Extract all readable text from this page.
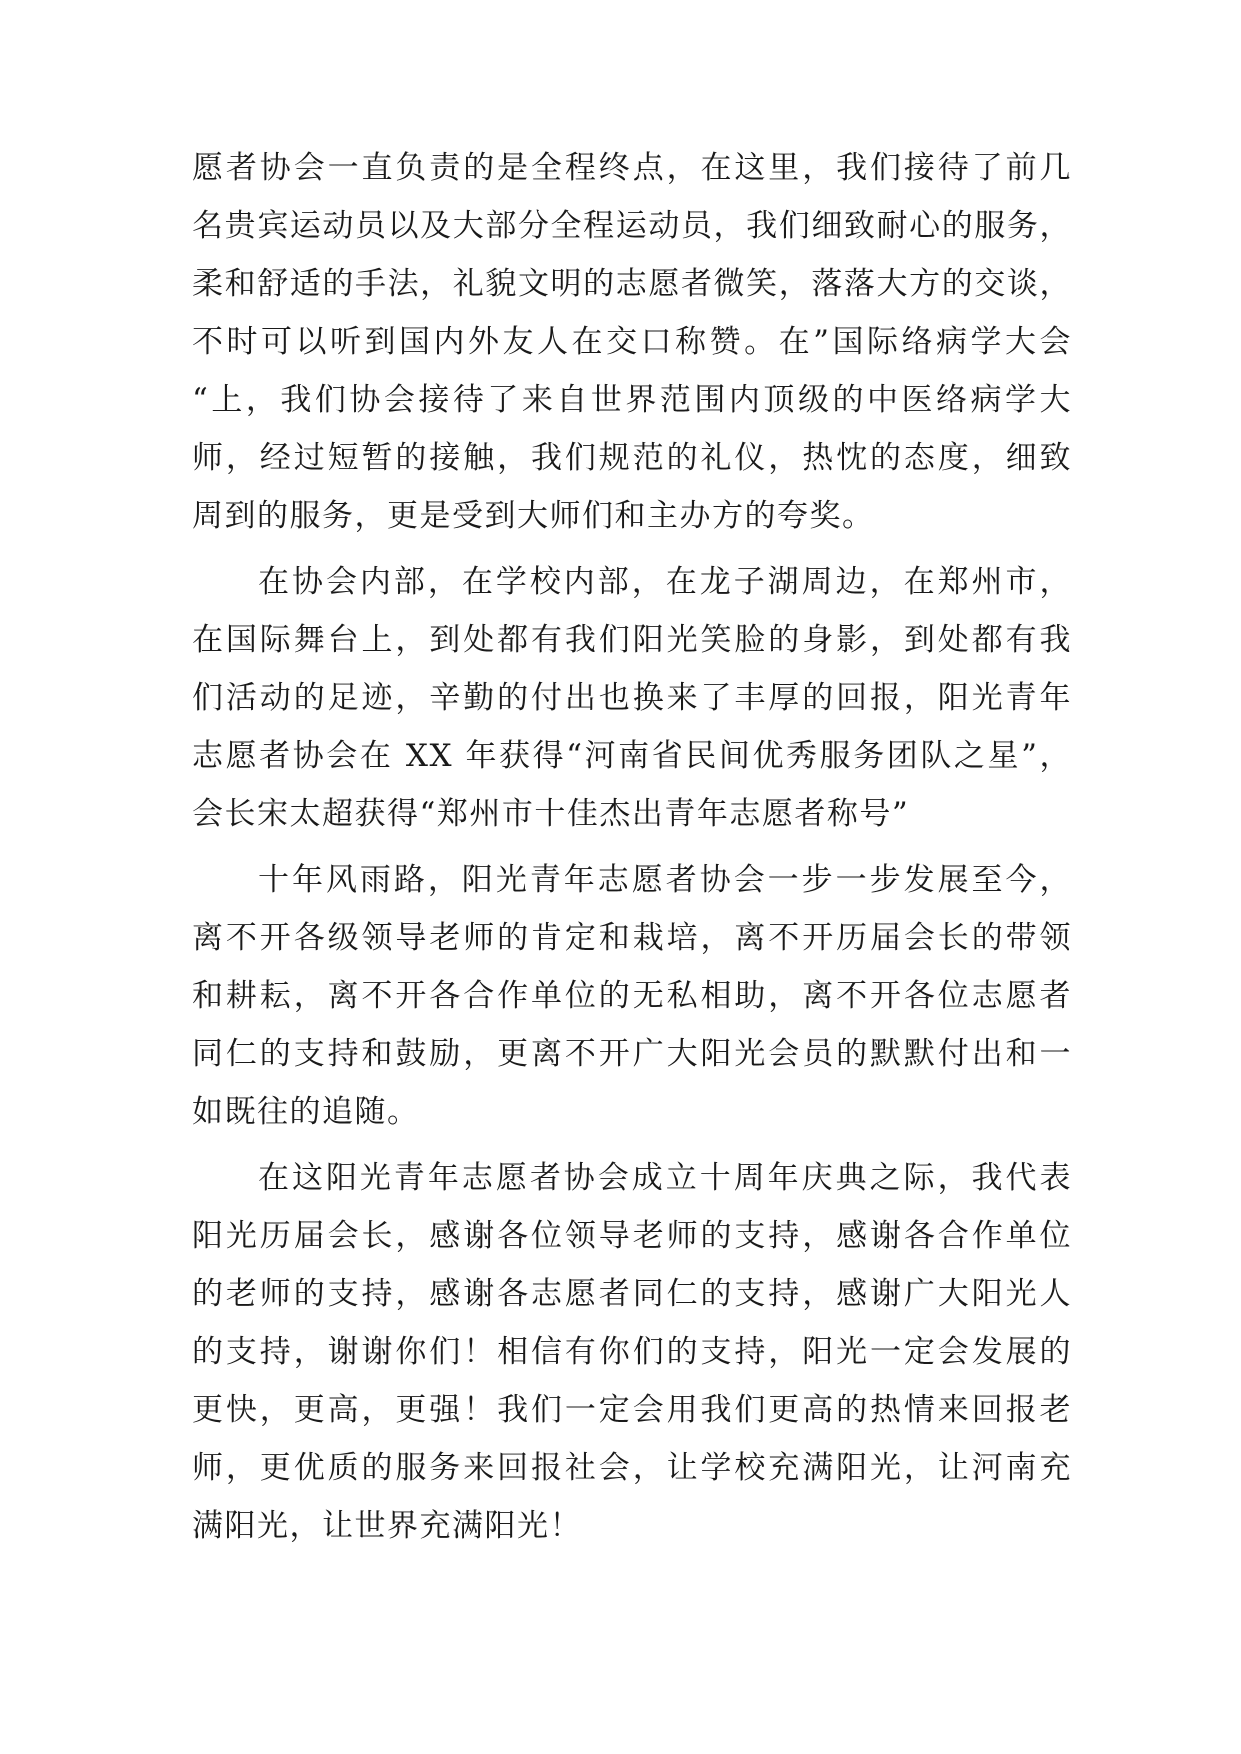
愿者协会一直负责的是全程终点，在这里，我们接待了前几
名贵宾运动员以及大部分全程运动员，我们细致耐心的服务，
柔和舒适的手法，礼貌文明的志愿者微笑，落落大方的交谈，
不时可以听到国内外友人在交口称赞。在”国际络病学大会
“上，我们协会接待了来自世界范围内顶级的中医络病学大
师，经过短暂的接触，我们规范的礼仪，热忱的态度，细致
周到的服务，更是受到大师们和主办方的夸奖。
在协会内部，在学校内部，在龙子湖周边，在郑州市，
在国际舞台上，到处都有我们阳光笑脸的身影，到处都有我
们活动的足迹，辛勤的付出也换来了丰厚的回报，阳光青年
志愿者协会在 XX 年获得“河南省民间优秀服务团队之星”，
会长宋太超获得“郑州市十佳杰出青年志愿者称号”
十年风雨路，阳光青年志愿者协会一步一步发展至今，
离不开各级领导老师的肯定和栽培，离不开历届会长的带领
和耕耘，离不开各合作单位的无私相助，离不开各位志愿者
同仁的支持和鼓励，更离不开广大阳光会员的默默付出和一
如既往的追随。
在这阳光青年志愿者协会成立十周年庆典之际，我代表
阳光历届会长，感谢各位领导老师的支持，感谢各合作单位
的老师的支持，感谢各志愿者同仁的支持，感谢广大阳光人
的支持，谢谢你们！相信有你们的支持，阳光一定会发展的
更快，更高，更强！我们一定会用我们更高的热情来回报老
师，更优质的服务来回报社会，让学校充满阳光，让河南充
满阳光，让世界充满阳光！
